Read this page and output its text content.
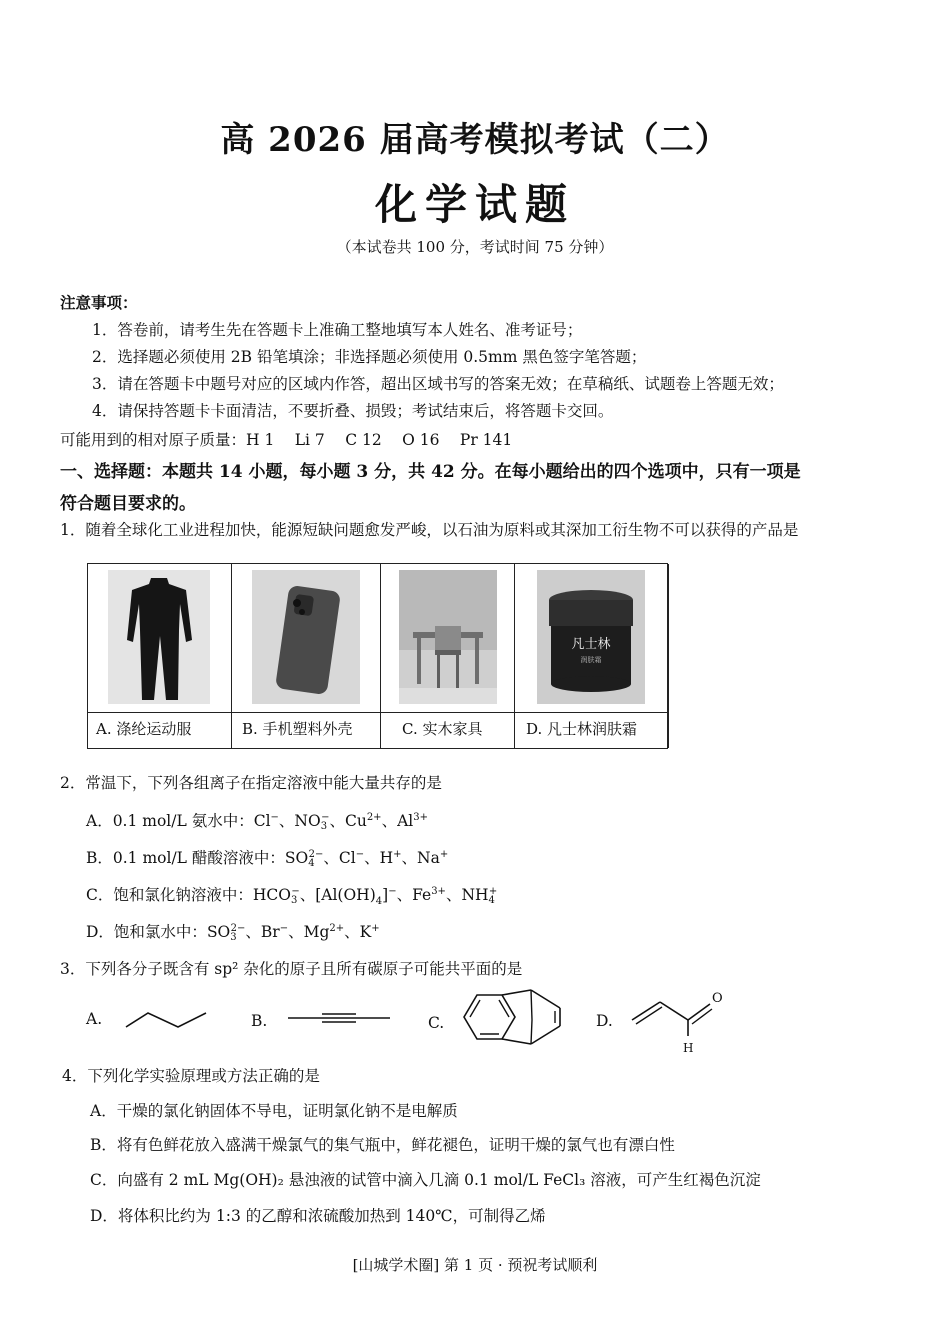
高 2026 届高考模拟考试（二）
化学试题
（本试卷共 100 分，考试时间 75 分钟）
注意事项：
1．答卷前，请考生先在答题卡上准确工整地填写本人姓名、准考证号；
2．选择题必须使用 2B 铅笔填涂；非选择题必须使用 0.5mm 黑色签字笔答题；
3．请在答题卡中题号对应的区域内作答，超出区域书写的答案无效；在草稿纸、试题卷上答题无效；
4．请保持答题卡卡面清洁，不要折叠、损毁；考试结束后，将答题卡交回。
可能用到的相对原子质量：H 1　 Li 7　 C 12　 O 16　 Pr 141
一、选择题：本题共 14 小题，每小题 3 分，共 42 分。在每小题给出的四个选项中，只有一项是
符合题目要求的。
1．随着全球化工业进程加快，能源短缺问题愈发严峻，以石油为原料或其深加工衍生物不可以获得的产品是
凡士林
润肤霜
A. 涤纶运动服	B. 手机塑料外壳	C. 实木家具	D. 凡士林润肤霜
2．常温下，下列各组离子在指定溶液中能大量共存的是
A．0.1 mol/L 氨水中：Cl−、$NO_3^-$、$Cu^{2+}$、$Al^{3+}$
B．0.1 mol/L 醋酸溶液中：$SO_4^{2-}$、Cl−、H+、Na+
C．饱和氯化钠溶液中：$HCO_3^-$、$[Al(OH)_4]^-$、$Fe^{3+}$、$NH_4^+$
D．饱和氯水中：$SO_3^{2-}$、Br−、$Mg^{2+}$、K+
3．下列各分子既含有 sp² 杂化的原子且所有碳原子可能共平面的是
A.	B.	C.	D.
O
H
4．下列化学实验原理或方法正确的是
A．干燥的氯化钠固体不导电，证明氯化钠不是电解质
B．将有色鲜花放入盛满干燥氯气的集气瓶中，鲜花褪色，证明干燥的氯气也有漂白性
C．向盛有 2 mL Mg(OH)₂ 悬浊液的试管中滴入几滴 0.1 mol/L FeCl₃ 溶液，可产生红褐色沉淀
D．将体积比约为 1:3 的乙醇和浓硫酸加热到 140℃，可制得乙烯
[山城学术圈] 第 1 页 · 预祝考试顺利
